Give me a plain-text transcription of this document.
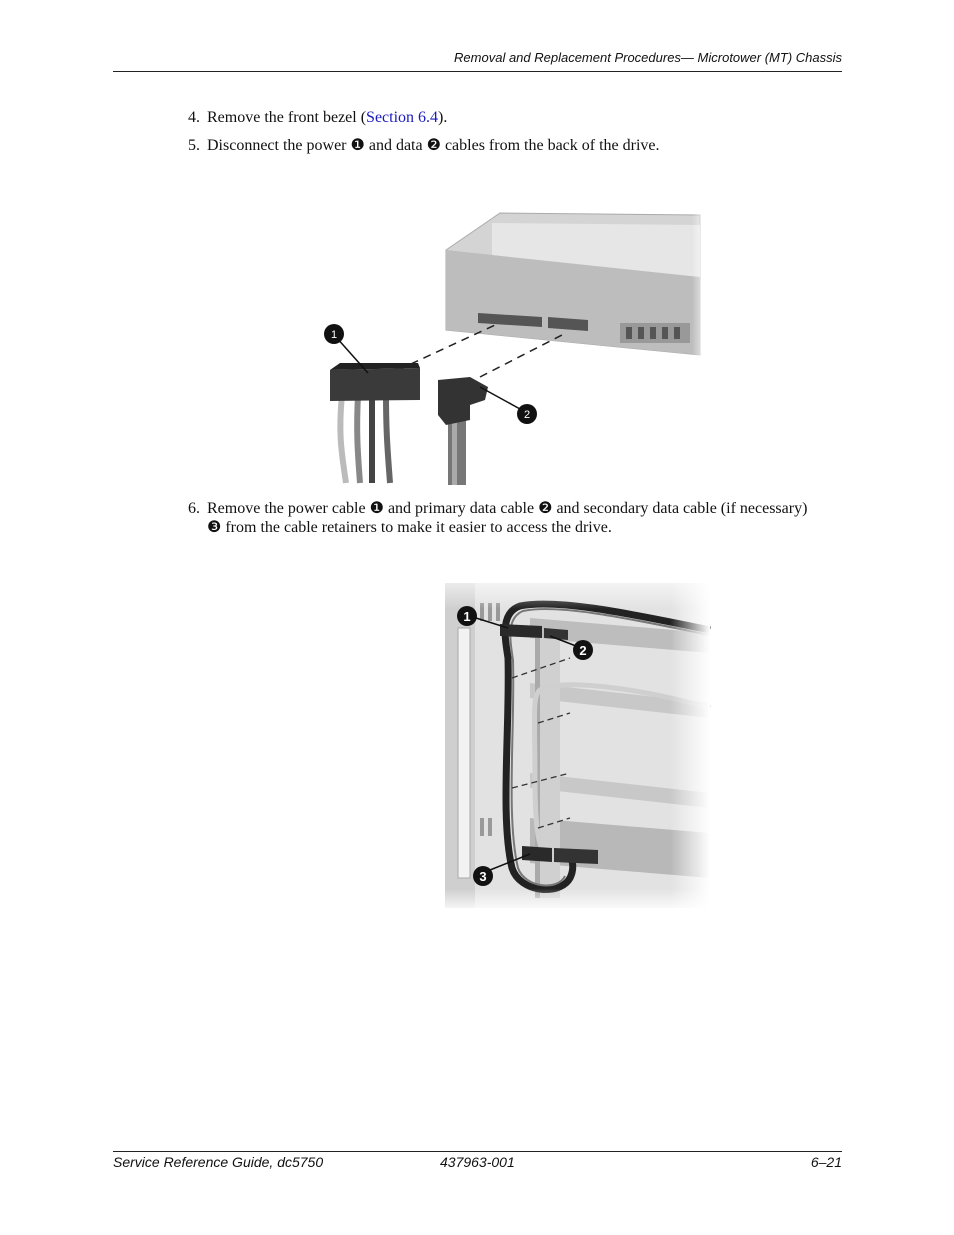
Removal and Replacement Procedures— Microtower (MT) Chassis
4. Remove the front bezel (Section 6.4).
5. Disconnect the power ❶ and data ❷ cables from the back of the drive.
1
2
6. Remove the power cable ❶ and primary data cable ❷ and secondary data cable (if necessary)
❸ from the cable retainers to make it easier to access the drive.
1
2
3
Service Reference Guide, dc5750	437963-001	6–21
